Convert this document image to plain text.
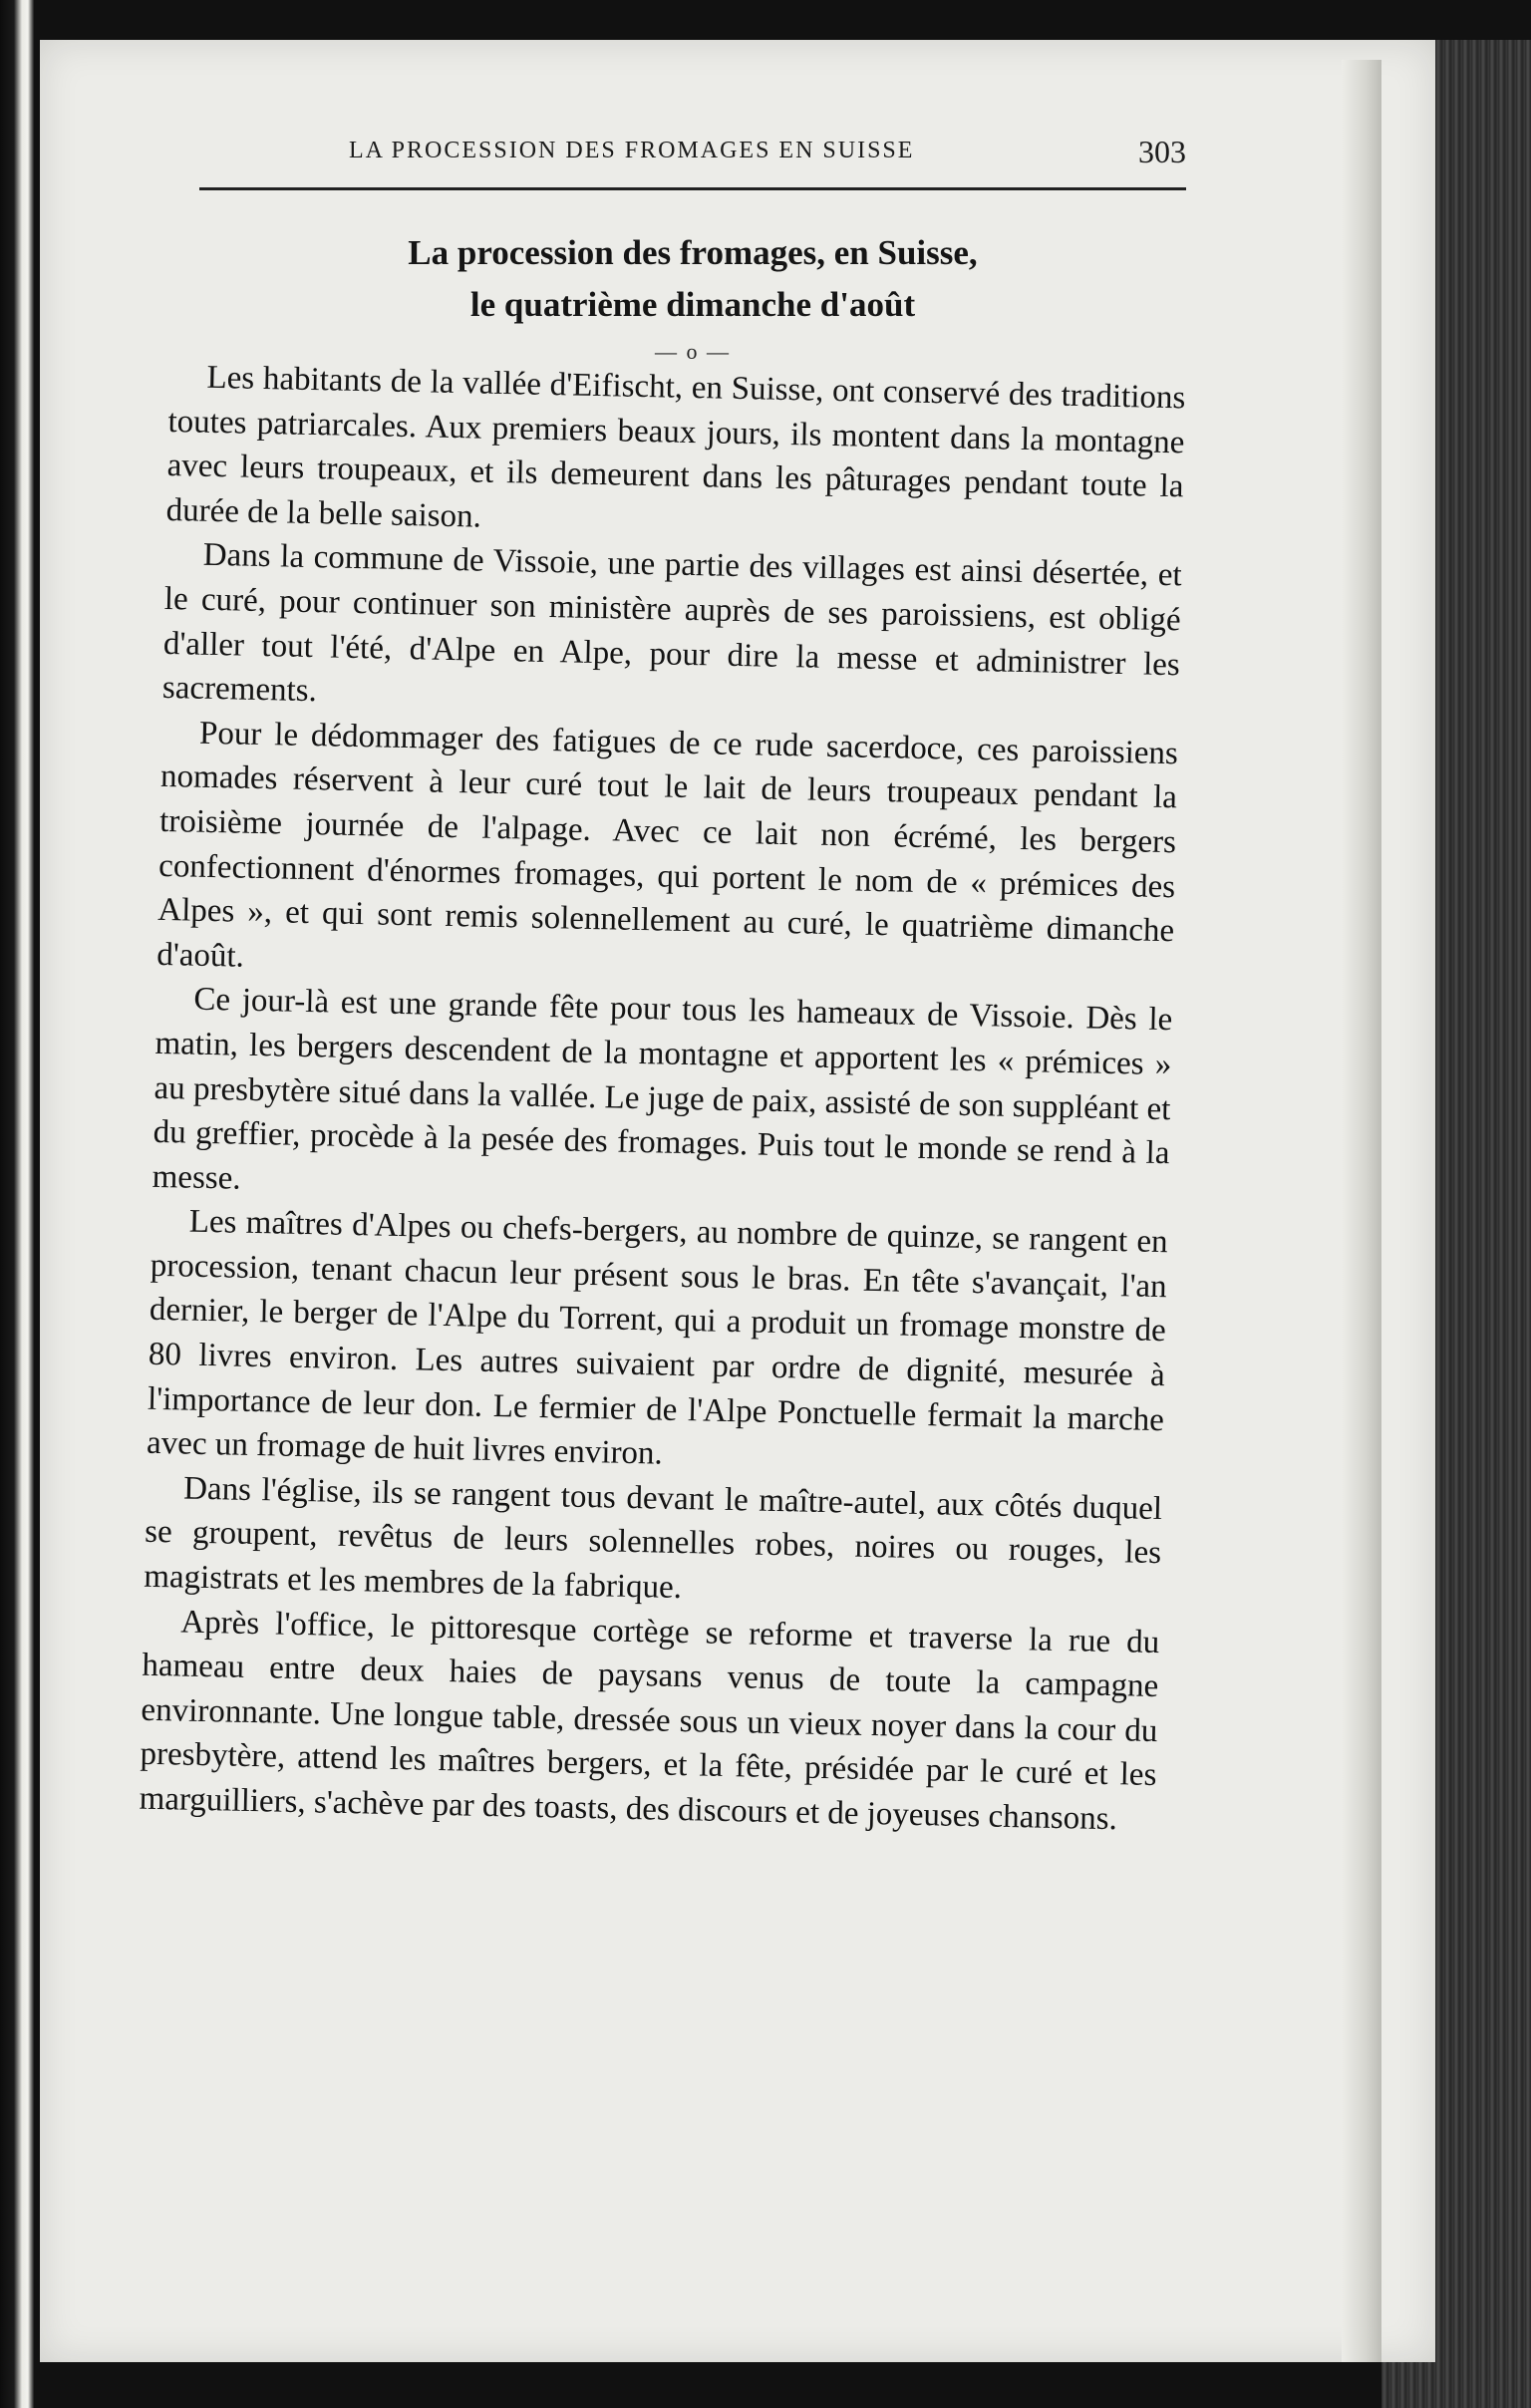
LA PROCESSION DES FROMAGES EN SUISSE	303
La procession des fromages, en Suisse,
le quatrième dimanche d'août
— o —

Les habitants de la vallée d'Eifischt, en Suisse, ont conservé des traditions toutes patriarcales. Aux premiers beaux jours, ils montent dans la montagne avec leurs troupeaux, et ils demeurent dans les pâturages pendant toute la durée de la belle saison.

Dans la commune de Vissoie, une partie des villages est ainsi désertée, et le curé, pour continuer son ministère auprès de ses paroissiens, est obligé d'aller tout l'été, d'Alpe en Alpe, pour dire la messe et administrer les sacrements.

Pour le dédommager des fatigues de ce rude sacerdoce, ces paroissiens nomades réservent à leur curé tout le lait de leurs troupeaux pendant la troisième journée de l'alpage. Avec ce lait non écrémé, les bergers confectionnent d'énormes fromages, qui portent le nom de « prémices des Alpes », et qui sont remis solennellement au curé, le quatrième dimanche d'août.

Ce jour-là est une grande fête pour tous les hameaux de Vissoie. Dès le matin, les bergers descendent de la montagne et apportent les « prémices » au presbytère situé dans la vallée. Le juge de paix, assisté de son suppléant et du greffier, procède à la pesée des fromages. Puis tout le monde se rend à la messe.

Les maîtres d'Alpes ou chefs-bergers, au nombre de quinze, se rangent en procession, tenant chacun leur présent sous le bras. En tête s'avançait, l'an dernier, le berger de l'Alpe du Torrent, qui a produit un fromage monstre de 80 livres environ. Les autres suivaient par ordre de dignité, mesurée à l'importance de leur don. Le fermier de l'Alpe Ponctuelle fermait la marche avec un fromage de huit livres environ.

Dans l'église, ils se rangent tous devant le maître-autel, aux côtés duquel se groupent, revêtus de leurs solennelles robes, noires ou rouges, les magistrats et les membres de la fabrique.

Après l'office, le pittoresque cortège se reforme et traverse la rue du hameau entre deux haies de paysans venus de toute la campagne environnante. Une longue table, dressée sous un vieux noyer dans la cour du presbytère, attend les maîtres bergers, et la fête, présidée par le curé et les marguilliers, s'achève par des toasts, des discours et de joyeuses chansons.
